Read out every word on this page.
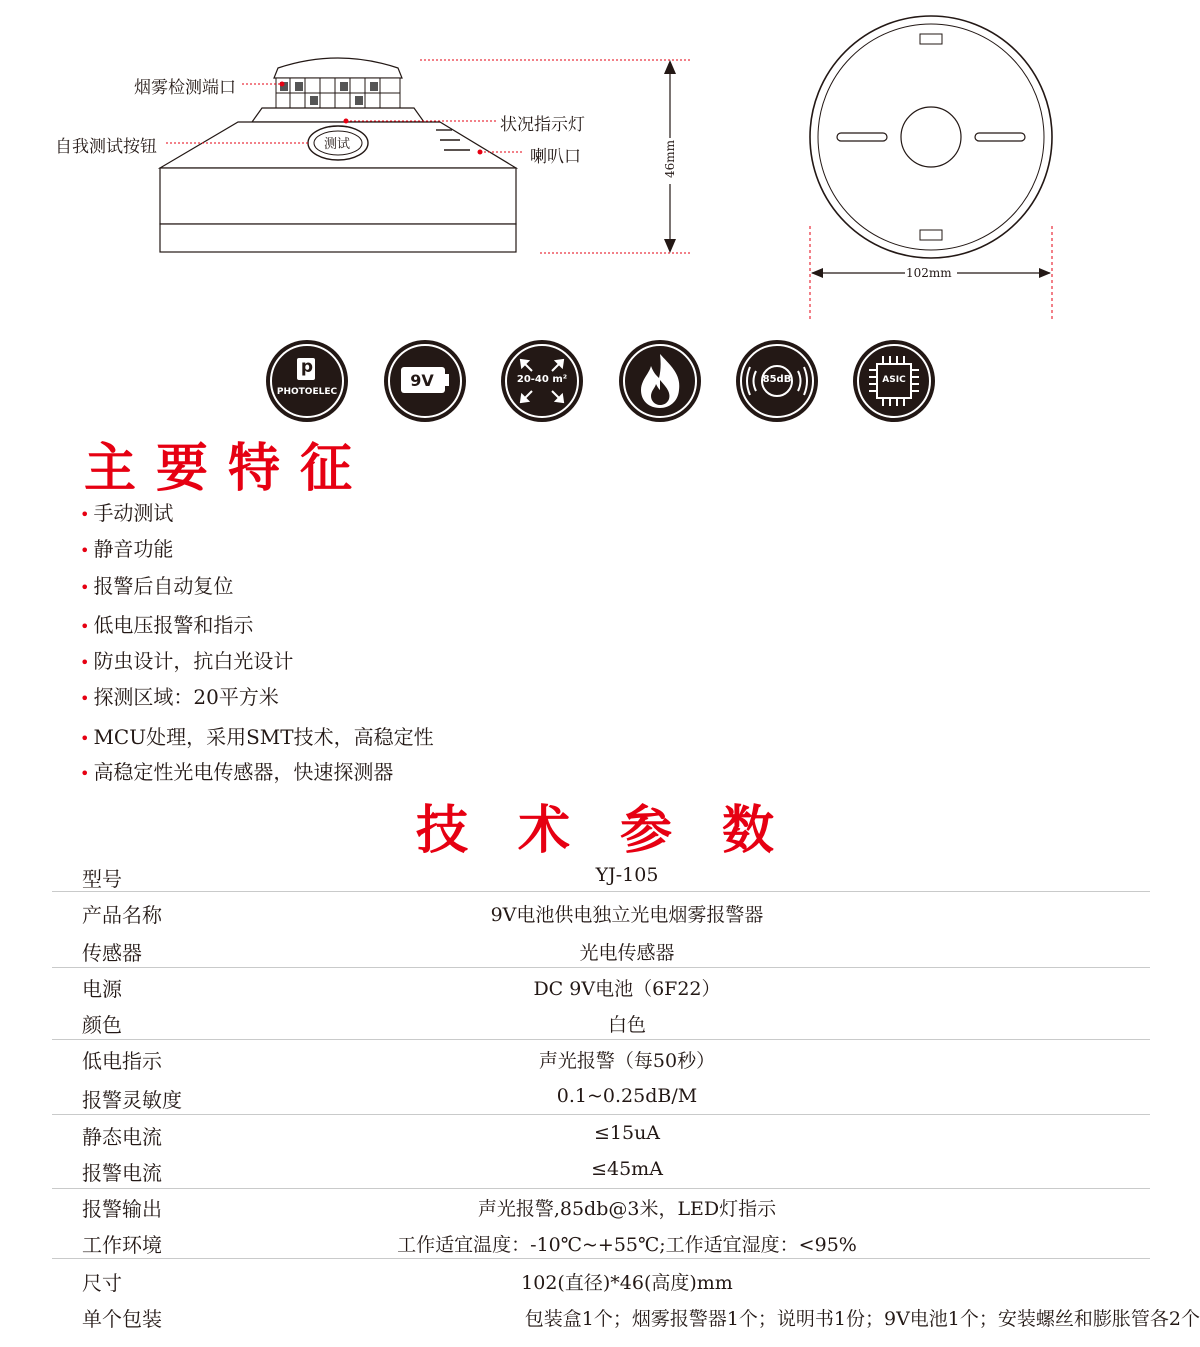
烟雾检测端口
自我测试按钮
状况指示灯
喇叭口
测试	46mm
102mm
p
PHOTOELEC
9V	20-40 m²	85dB	ASIC
主要特征
• 手动测试
• 静音功能
• 报警后自动复位
• 低电压报警和指示
• 防虫设计，抗白光设计
• 探测区域：20平方米
• MCU处理，采用SMT技术，高稳定性
• 高稳定性光电传感器，快速探测器
技术参数
型号	YJ-105
产品名称	9V电池供电独立光电烟雾报警器
传感器	光电传感器
电源	DC 9V电池（6F22）
颜色	白色
低电指示	声光报警（每50秒）
报警灵敏度	0.1~0.25dB/M
静态电流	≤15uA
报警电流	≤45mA
报警输出	声光报警,85db@3米，LED灯指示
工作环境	工作适宜温度：-10℃~+55℃;工作适宜湿度：<95%
尺寸	102(直径)*46(高度)mm
单个包装	包装盒1个；烟雾报警器1个；说明书1份；9V电池1个；安装螺丝和膨胀管各2个
